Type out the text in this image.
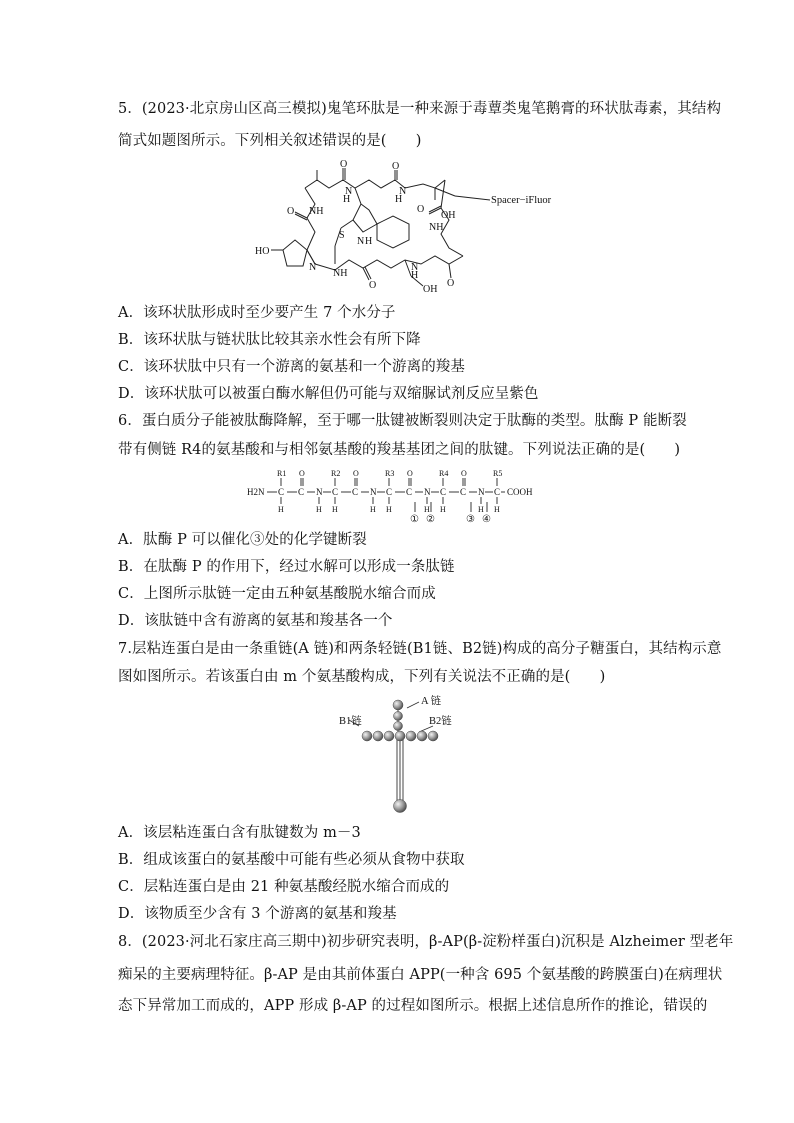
5．(2023·北京房山区高三模拟)鬼笔环肽是一种来源于毒蕈类鬼笔鹅膏的环状肽毒素，其结构
简式如题图所示。下列相关叙述错误的是(　　)
O	O
N	N
H	H	Spacer−iFluor
O NH	O
OH
NH
S
N H
HO
N
NH
O
N
H
OH
O
A．该环状肽形成时至少要产生 7 个水分子
B．该环状肽与链状肽比较其亲水性会有所下降
C．该环状肽中只有一个游离的氨基和一个游离的羧基
D．该环状肽可以被蛋白酶水解但仍可能与双缩脲试剂反应呈紫色
6．蛋白质分子能被肽酶降解，至于哪一肽键被断裂则决定于肽酶的类型。肽酶 P 能断裂
带有侧链 R4的氨基酸和与相邻氨基酸的羧基基团之间的肽键。下列说法正确的是(　　)
H2N	COOH
C C N C C N C C N C C N C
R1	R2	R3	R4	R5
O	O	O	O
H	H H	H H	H H	H H
① ②	③ ④
A．肽酶 P 可以催化③处的化学键断裂
B．在肽酶 P 的作用下，经过水解可以形成一条肽链
C．上图所示肽链一定由五种氨基酸脱水缩合而成
D．该肽链中含有游离的氨基和羧基各一个
7.层粘连蛋白是由一条重链(A 链)和两条轻链(B1链、B2链)构成的高分子糖蛋白，其结构示意
图如图所示。若该蛋白由 m 个氨基酸构成，下列有关说法不正确的是(　　)
A 链
B1链	B2链
A．该层粘连蛋白含有肽键数为 m－3
B．组成该蛋白的氨基酸中可能有些必须从食物中获取
C．层粘连蛋白是由 21 种氨基酸经脱水缩合而成的
D．该物质至少含有 3 个游离的氨基和羧基
8．(2023·河北石家庄高三期中)初步研究表明，β-AP(β-淀粉样蛋白)沉积是 Alzheimer 型老年
痴呆的主要病理特征。β-AP 是由其前体蛋白 APP(一种含 695 个氨基酸的跨膜蛋白)在病理状
态下异常加工而成的，APP 形成 β-AP 的过程如图所示。根据上述信息所作的推论，错误的
